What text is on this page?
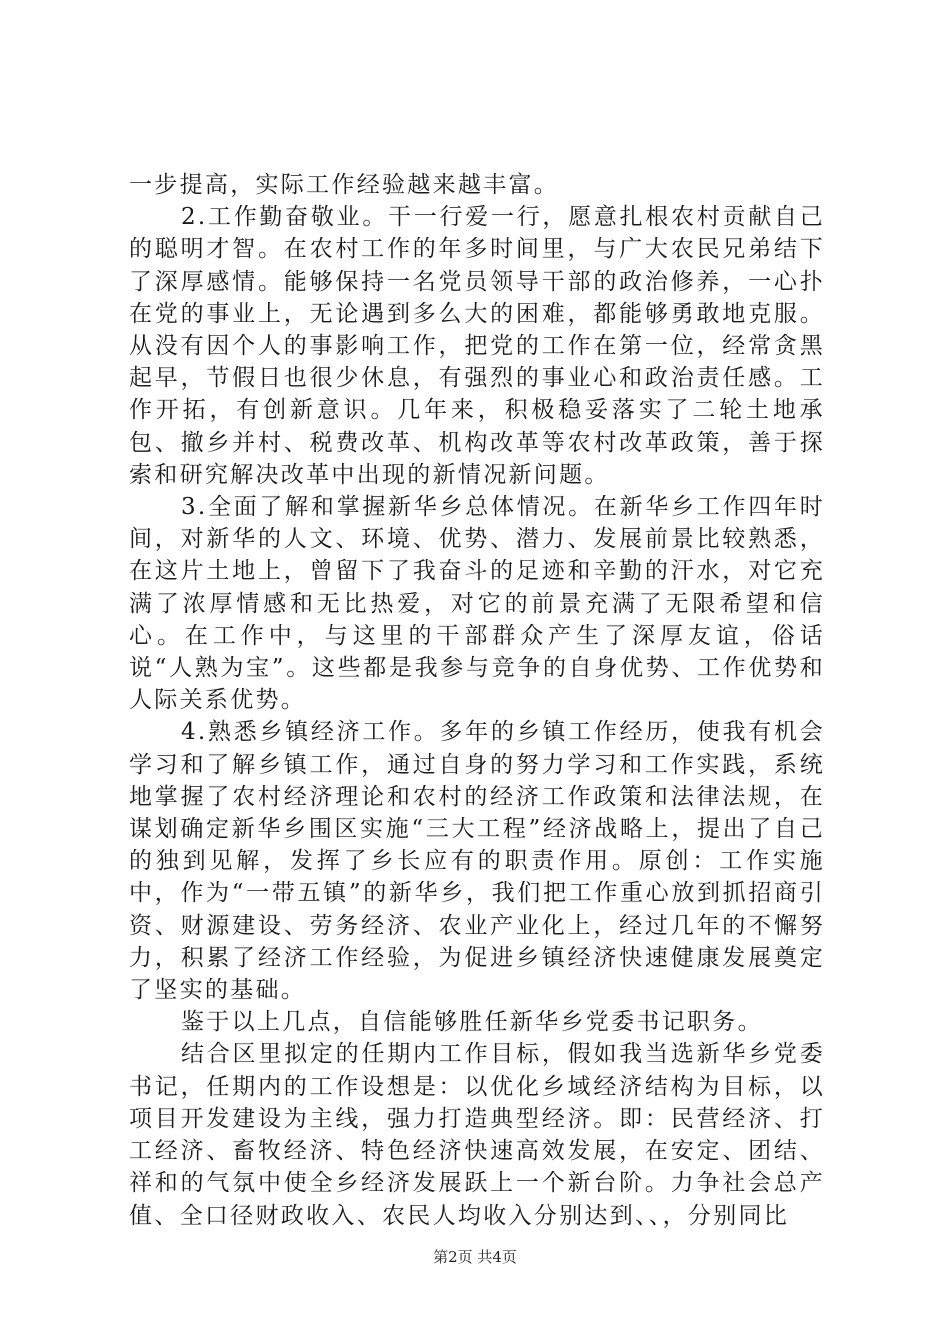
一步提高，实际工作经验越来越丰富。

2.工作勤奋敬业。干一行爱一行，愿意扎根农村贡献自己的聪明才智。在农村工作的年多时间里，与广大农民兄弟结下了深厚感情。能够保持一名党员领导干部的政治修养，一心扑在党的事业上，无论遇到多么大的困难，都能够勇敢地克服。从没有因个人的事影响工作，把党的工作在第一位，经常贪黑起早，节假日也很少休息，有强烈的事业心和政治责任感。工作开拓，有创新意识。几年来，积极稳妥落实了二轮土地承包、撤乡并村、税费改革、机构改革等农村改革政策，善于探索和研究解决改革中出现的新情况新问题。

3.全面了解和掌握新华乡总体情况。在新华乡工作四年时间，对新华的人文、环境、优势、潜力、发展前景比较熟悉，在这片土地上，曾留下了我奋斗的足迹和辛勤的汗水，对它充满了浓厚情感和无比热爱，对它的前景充满了无限希望和信心。在工作中，与这里的干部群众产生了深厚友谊，俗话说“人熟为宝”。这些都是我参与竞争的自身优势、工作优势和人际关系优势。

4.熟悉乡镇经济工作。多年的乡镇工作经历，使我有机会学习和了解乡镇工作，通过自身的努力学习和工作实践，系统地掌握了农村经济理论和农村的经济工作政策和法律法规，在谋划确定新华乡围区实施“三大工程”经济战略上，提出了自己的独到见解，发挥了乡长应有的职责作用。原创：工作实施中，作为“一带五镇”的新华乡，我们把工作重心放到抓招商引资、财源建设、劳务经济、农业产业化上，经过几年的不懈努力，积累了经济工作经验，为促进乡镇经济快速健康发展奠定了坚实的基础。

鉴于以上几点，自信能够胜任新华乡党委书记职务。

结合区里拟定的任期内工作目标，假如我当选新华乡党委书记，任期内的工作设想是：以优化乡域经济结构为目标，以项目开发建设为主线，强力打造典型经济。即：民营经济、打工经济、畜牧经济、特色经济快速高效发展，在安定、团结、祥和的气氛中使全乡经济发展跃上一个新台阶。力争社会总产值、全口径财政收入、农民人均收入分别达到、、，分别同比

第2页 共4页
